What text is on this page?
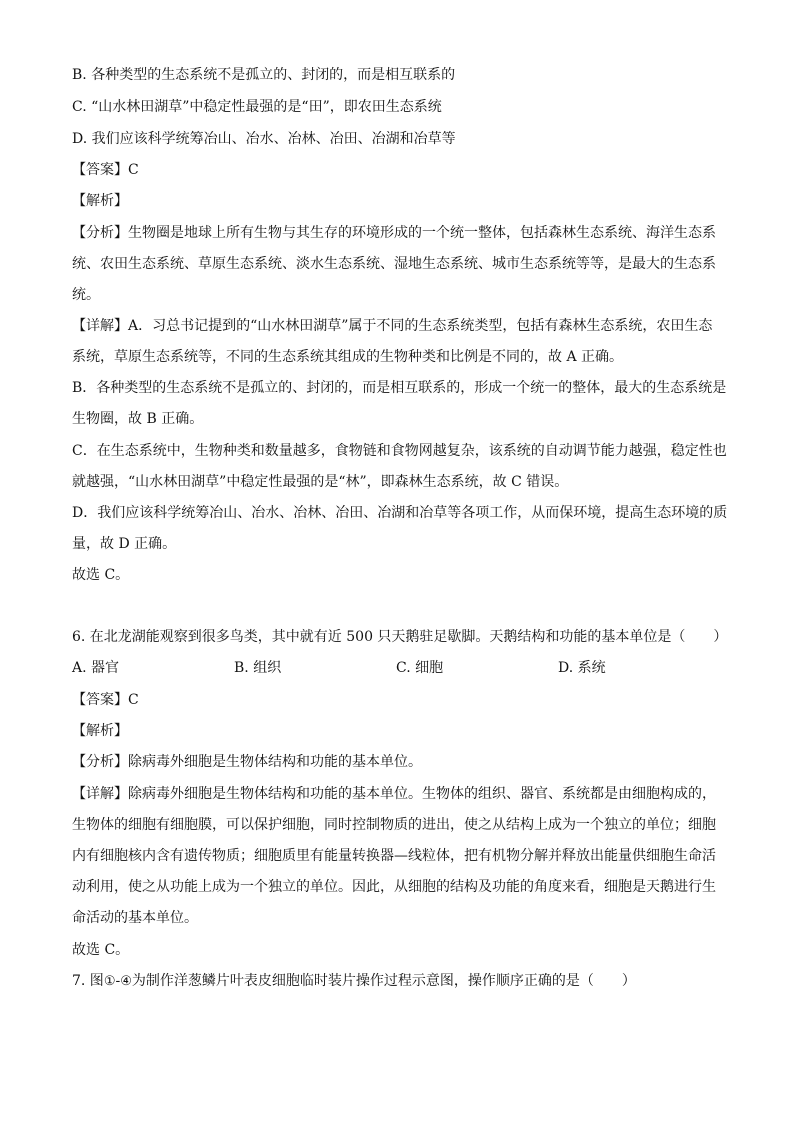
B. 各种类型的生态系统不是孤立的、封闭的，而是相互联系的
C. “山水林田湖草”中稳定性最强的是“田”，即农田生态系统
D. 我们应该科学统筹冶山、冶水、冶林、冶田、冶湖和冶草等
【答案】C
【解析】
【分析】生物圈是地球上所有生物与其生存的环境形成的一个统一整体，包括森林生态系统、海洋生态系
统、农田生态系统、草原生态系统、淡水生态系统、湿地生态系统、城市生态系统等等，是最大的生态系
统。
【详解】A．习总书记提到的“山水林田湖草”属于不同的生态系统类型，包括有森林生态系统，农田生态
系统，草原生态系统等，不同的生态系统其组成的生物种类和比例是不同的，故 A 正确。
B．各种类型的生态系统不是孤立的、封闭的，而是相互联系的，形成一个统一的整体，最大的生态系统是
生物圈，故 B 正确。
C．在生态系统中，生物种类和数量越多，食物链和食物网越复杂，该系统的自动调节能力越强，稳定性也
就越强，“山水林田湖草”中稳定性最强的是“林”，即森林生态系统，故 C 错误。
D．我们应该科学统筹冶山、冶水、冶林、冶田、冶湖和冶草等各项工作，从而保环境，提高生态环境的质
量，故 D 正确。
故选 C。
6. 在北龙湖能观察到很多鸟类，其中就有近 500 只天鹅驻足歇脚。天鹅结构和功能的基本单位是（　　）
A. 器官	B. 组织	C. 细胞	D. 系统
【答案】C
【解析】
【分析】除病毒外细胞是生物体结构和功能的基本单位。
【详解】除病毒外细胞是生物体结构和功能的基本单位。生物体的组织、器官、系统都是由细胞构成的，
生物体的细胞有细胞膜，可以保护细胞，同时控制物质的进出，使之从结构上成为一个独立的单位；细胞
内有细胞核内含有遗传物质；细胞质里有能量转换器—线粒体，把有机物分解并释放出能量供细胞生命活
动利用，使之从功能上成为一个独立的单位。因此，从细胞的结构及功能的角度来看，细胞是天鹅进行生
命活动的基本单位。
故选 C。
7. 图①-④为制作洋葱鳞片叶表皮细胞临时装片操作过程示意图，操作顺序正确的是（　　）
